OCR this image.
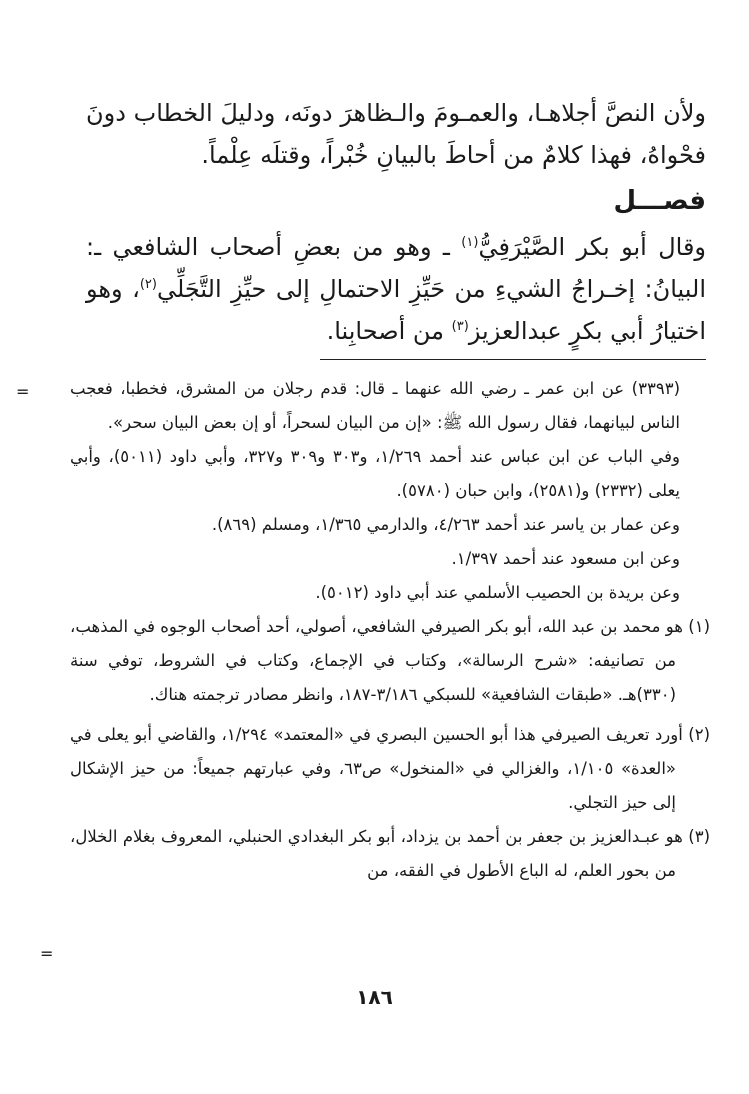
ولأن النصَّ أجلاهـا، والعمـومَ والـظاهرَ دونَه، ودليلَ الخطاب دونَ فحْواهُ، فهذا كلامٌ من أحاطَ بالبيانِ خُبْراً، وقتلَه عِلْماً.

فصـــل

وقال أبو بكر الصَّيْرَفِيُّ$^{(١)}$ ـ وهو من بعضِ أصحاب الشافعي ـ: البيانُ: إخـراجُ الشيءِ من حَيِّزِ الاحتمالِ إلى حيِّزِ التَّجَلِّي$^{(٢)}$، وهو اختيارُ أبي بكرٍ عبدالعزيز$^{(٣)}$ من أصحابِنا.

= (٣٣٩٣) عن ابن عمر ـ رضي الله عنهما ـ قال: قدم رجلان من المشرق، فخطبا، فعجب الناس لبيانهما، فقال رسول الله ﷺ: «إن من البيان لسحراً، أو إن بعض البيان سحر».

وفي الباب عن ابن عباس عند أحمد ١/٢٦٩، و٣٠٣ و٣٠٩ و٣٢٧، وأبي داود (٥٠١١)، وأبي يعلى (٢٣٣٢) و(٢٥٨١)، وابن حبان (٥٧٨٠).

وعن عمار بن ياسر عند أحمد ٤/٢٦٣، والدارمي ١/٣٦٥، ومسلم (٨٦٩).

وعن ابن مسعود عند أحمد ١/٣٩٧.

وعن بريدة بن الحصيب الأسلمي عند أبي داود (٥٠١٢).

(١) هو محمد بن عبد الله، أبو بكر الصيرفي الشافعي، أصولي، أحد أصحاب الوجوه في المذهب، من تصانيفه: «شرح الرسالة»، وكتاب في الإجماع، وكتاب في الشروط، توفي سنة (٣٣٠)هـ. «طبقات الشافعية» للسبكي ٣/١٨٦-١٨٧، وانظر مصادر ترجمته هناك.

(٢) أورد تعريف الصيرفي هذا أبو الحسين البصري في «المعتمد» ١/٢٩٤، والقاضي أبو يعلى في «العدة» ١/١٠٥، والغزالي في «المنخول» ص٦٣، وفي عبارتهم جميعاً: من حيز الإشكال إلى حيز التجلي.

(٣) هو عبـدالعزيز بن جعفر بن أحمد بن يزداد، أبو بكر البغدادي الحنبلي، المعروف بغلام الخلال، من بحور العلم، له الباع الأطول في الفقه، من

=
١٨٦
